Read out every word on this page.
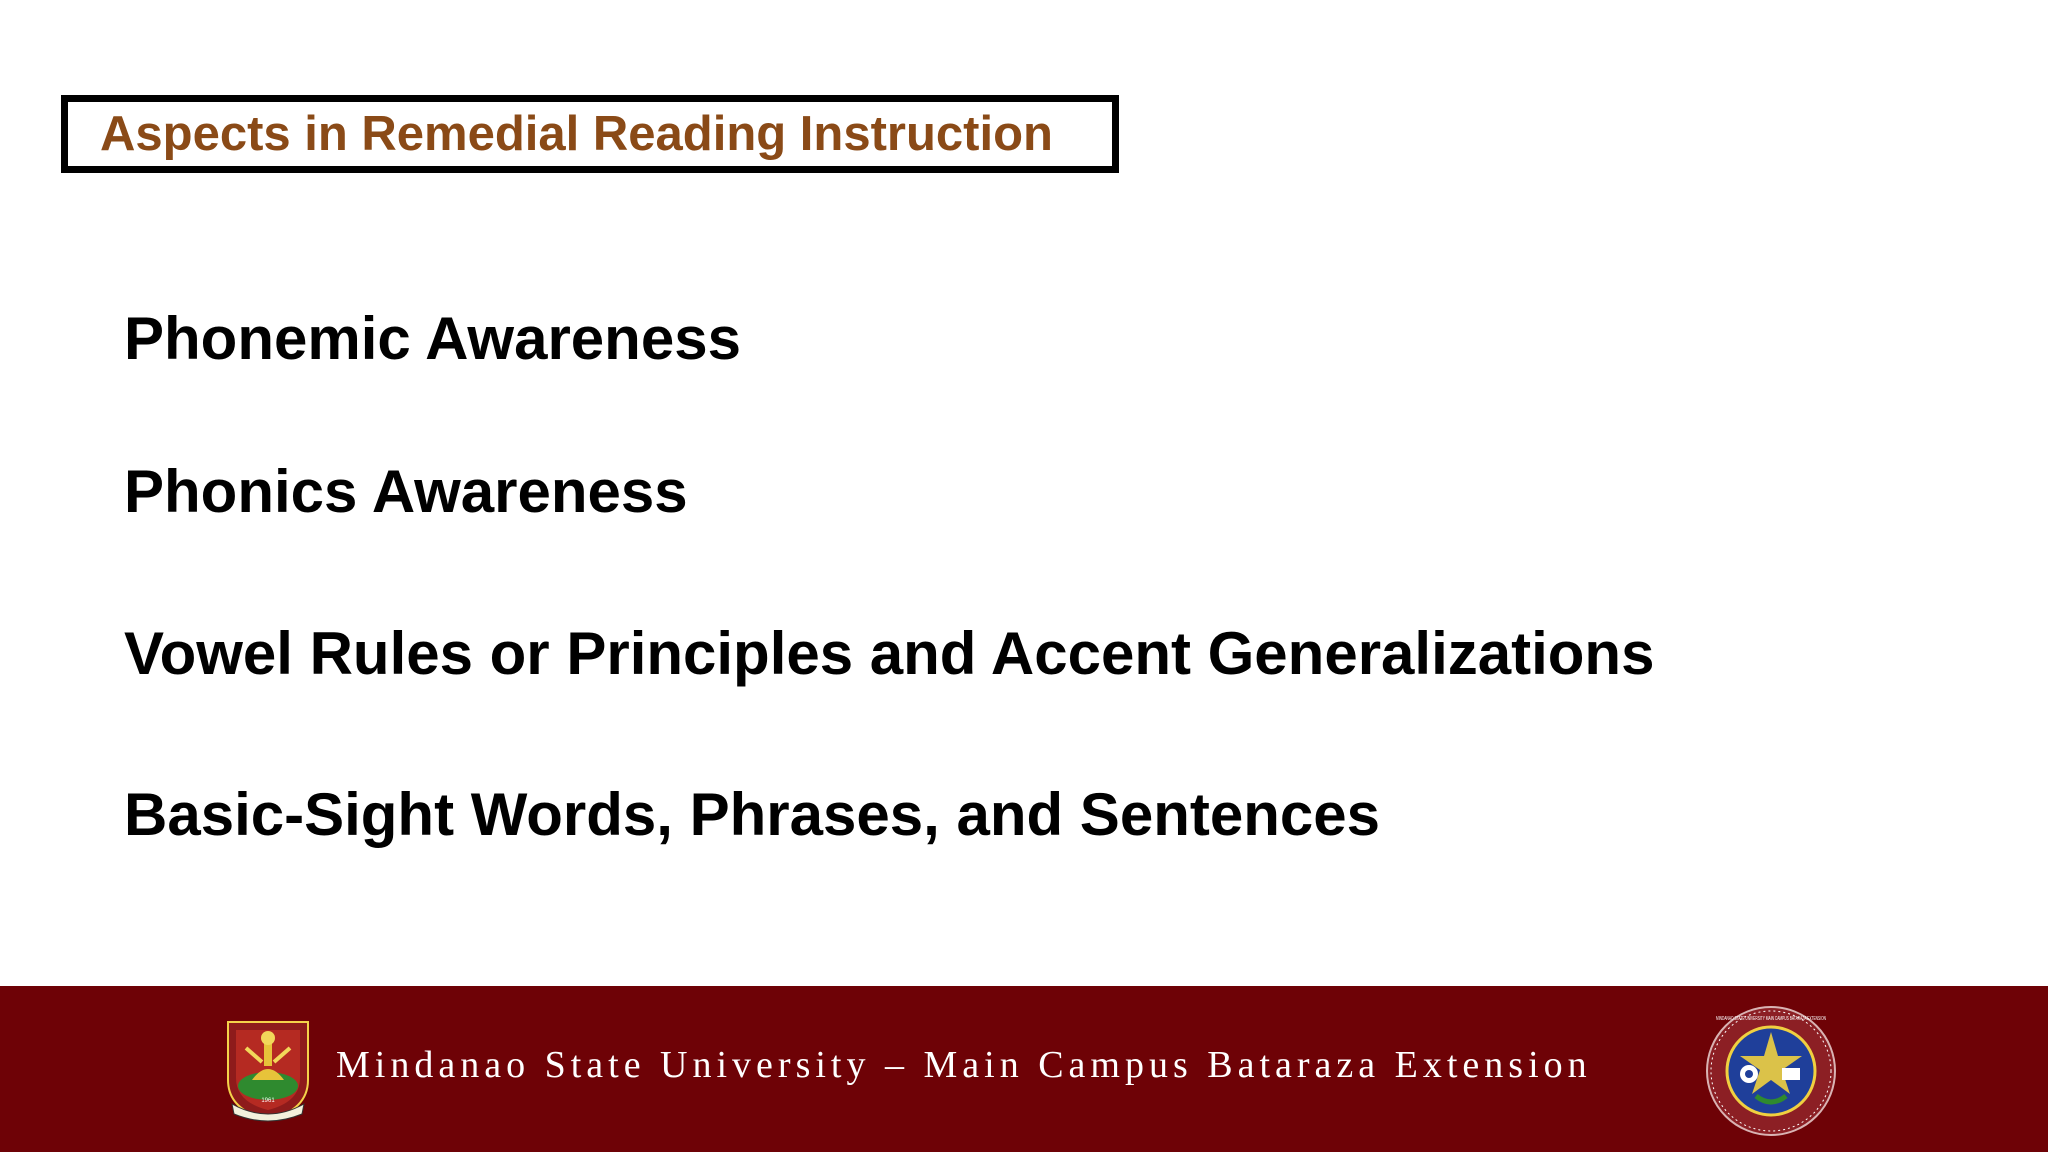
Aspects in Remedial Reading Instruction
Phonemic Awareness
Phonics Awareness
Vowel Rules or Principles and Accent Generalizations
Basic-Sight Words, Phrases, and Sentences
1961
Mindanao State University – Main Campus Bataraza Extension
MINDANAO STATE UNIVERSITY MAIN CAMPUS BATARAZA EXTENSION
